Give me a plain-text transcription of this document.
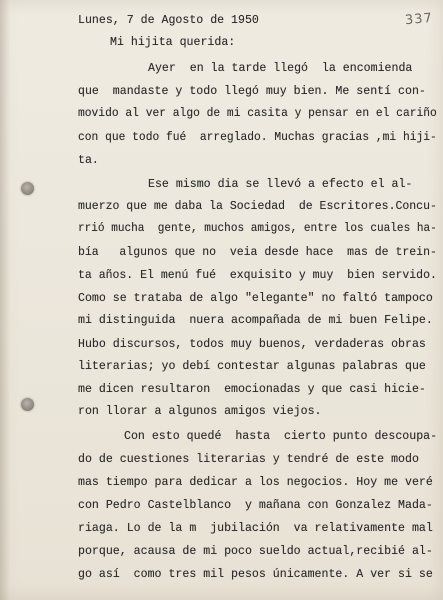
337
Lunes, 7 de Agosto de 1950
Mi hijita querida:
Ayer  en la tarde llegó  la encomienda
que  mandaste y todo llegó muy bien. Me sentí con-
movido al ver algo de mi casita y pensar en el cariño
con que todo fué  arreglado. Muchas gracias ,mi hiji-
ta.
Ese mismo dia se llevó a efecto el al-
muerzo que me daba la Sociedad  de Escritores.Concu-
rrió mucha  gente, muchos amigos, entre los cuales ha-
bía   algunos que no  veia desde hace  mas de trein-
ta años. El menú fué  exquisito y muy  bien servido.
Como se trataba de algo "elegante" no faltó tampoco
mi distinguida  nuera acompañada de mi buen Felipe.
Hubo discursos, todos muy buenos, verdaderas obras
literarias; yo debí contestar algunas palabras que
me dicen resultaron  emocionadas y que casi hicie-
ron llorar a algunos amigos viejos.
Con esto quedé  hasta  cierto punto descoupa-
do de cuestiones literarias y tendré de este modo
mas tiempo para dedicar a los negocios. Hoy me veré
con Pedro Castelblanco  y mañana con Gonzalez Mada-
riaga. Lo de la m  jubilación  va relativamente mal
porque, acausa de mi poco sueldo actual,recibié al-
go así  como tres mil pesos únicamente. A ver si se
